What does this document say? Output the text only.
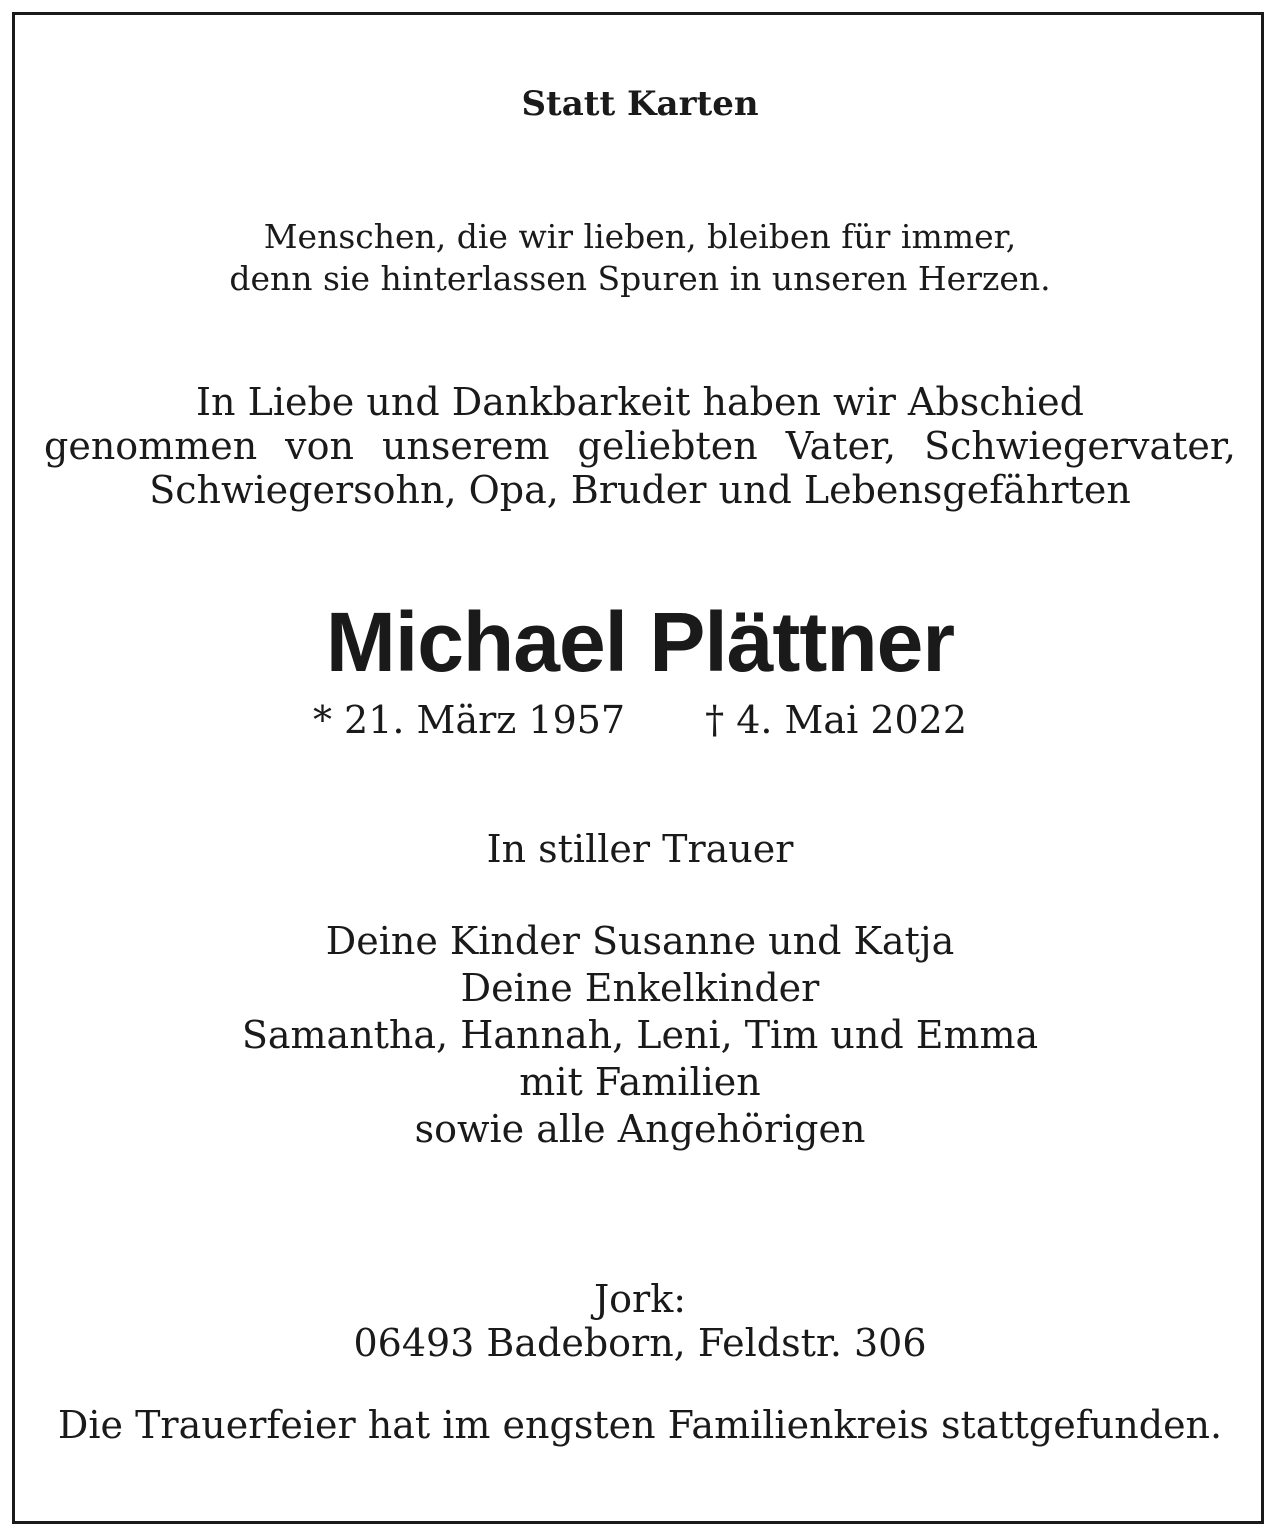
Statt Karten
Menschen, die wir lieben, bleiben für immer,
denn sie hinterlassen Spuren in unseren Herzen.
In Liebe und Dankbarkeit haben wir Abschied
genommen von unserem geliebten Vater, Schwiegervater,
Schwiegersohn, Opa, Bruder und Lebensgefährten
Michael Plättner
* 21. März 1957 † 4. Mai 2022
In stiller Trauer
Deine Kinder Susanne und Katja
Deine Enkelkinder
Samantha, Hannah, Leni, Tim und Emma
mit Familien
sowie alle Angehörigen
Jork:
06493 Badeborn, Feldstr. 306
Die Trauerfeier hat im engsten Familienkreis stattgefunden.
